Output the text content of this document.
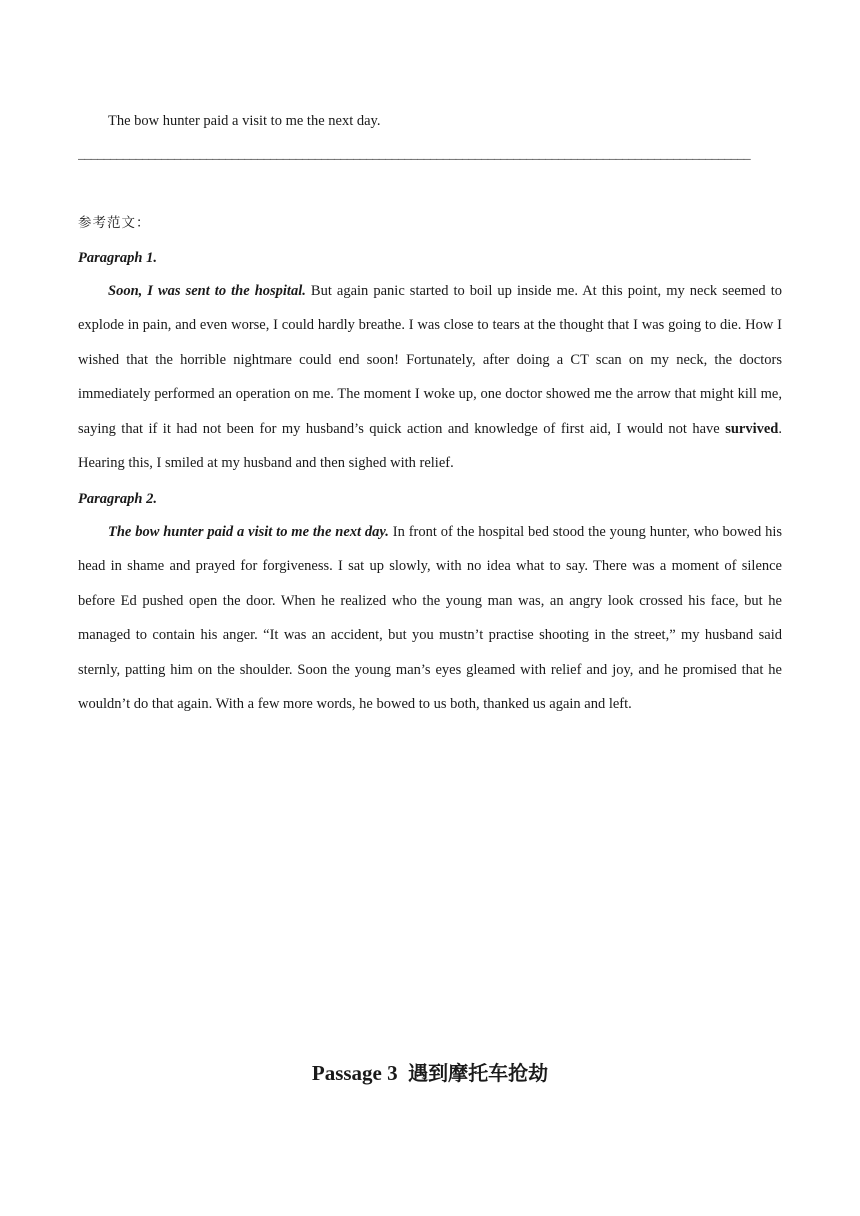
The bow hunter paid a visit to me the next day.
_________________________________________________________________________________________________________
参考范文：
Paragraph 1.

Soon, I was sent to the hospital. But again panic started to boil up inside me. At this point, my neck seemed to explode in pain, and even worse, I could hardly breathe. I was close to tears at the thought that I was going to die. How I wished that the horrible nightmare could end soon! Fortunately, after doing a CT scan on my neck, the doctors immediately performed an operation on me. The moment I woke up, one doctor showed me the arrow that might kill me, saying that if it had not been for my husband’s quick action and knowledge of first aid, I would not have survived. Hearing this, I smiled at my husband and then sighed with relief.

Paragraph 2.

The bow hunter paid a visit to me the next day. In front of the hospital bed stood the young hunter, who bowed his head in shame and prayed for forgiveness. I sat up slowly, with no idea what to say. There was a moment of silence before Ed pushed open the door. When he realized who the young man was, an angry look crossed his face, but he managed to contain his anger. “It was an accident, but you mustn’t practise shooting in the street,” my husband said sternly, patting him on the shoulder. Soon the young man’s eyes gleamed with relief and joy, and he promised that he wouldn’t do that again. With a few more words, he bowed to us both, thanked us again and left.

Passage 3 遇到摩托车抢劫
